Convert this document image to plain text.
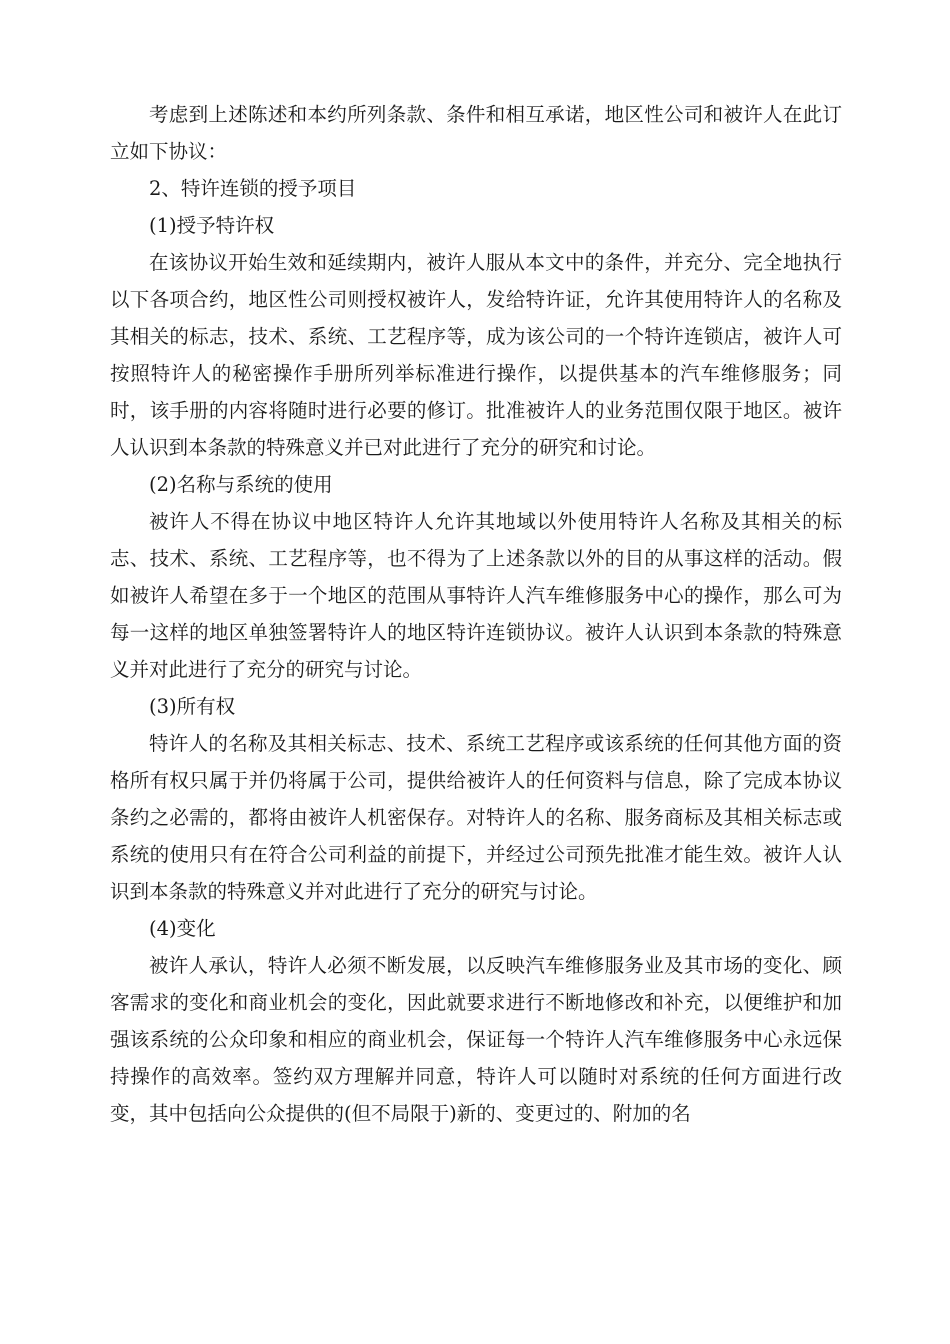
考虑到上述陈述和本约所列条款、条件和相互承诺，地区性公司和被许人在此订立如下协议：

2、特许连锁的授予项目

(1)授予特许权

在该协议开始生效和延续期内，被许人服从本文中的条件，并充分、完全地执行以下各项合约，地区性公司则授权被许人，发给特许证，允许其使用特许人的名称及其相关的标志，技术、系统、工艺程序等，成为该公司的一个特许连锁店，被许人可按照特许人的秘密操作手册所列举标准进行操作，以提供基本的汽车维修服务；同时，该手册的内容将随时进行必要的修订。批准被许人的业务范围仅限于地区。被许人认识到本条款的特殊意义并已对此进行了充分的研究和讨论。

(2)名称与系统的使用

被许人不得在协议中地区特许人允许其地域以外使用特许人名称及其相关的标志、技术、系统、工艺程序等，也不得为了上述条款以外的目的从事这样的活动。假如被许人希望在多于一个地区的范围从事特许人汽车维修服务中心的操作，那么可为每一这样的地区单独签署特许人的地区特许连锁协议。被许人认识到本条款的特殊意义并对此进行了充分的研究与讨论。

(3)所有权

特许人的名称及其相关标志、技术、系统工艺程序或该系统的任何其他方面的资格所有权只属于并仍将属于公司，提供给被许人的任何资料与信息，除了完成本协议条约之必需的，都将由被许人机密保存。对特许人的名称、服务商标及其相关标志或系统的使用只有在符合公司利益的前提下，并经过公司预先批准才能生效。被许人认识到本条款的特殊意义并对此进行了充分的研究与讨论。

(4)变化

被许人承认，特许人必须不断发展，以反映汽车维修服务业及其市场的变化、顾客需求的变化和商业机会的变化，因此就要求进行不断地修改和补充，以便维护和加强该系统的公众印象和相应的商业机会，保证每一个特许人汽车维修服务中心永远保持操作的高效率。签约双方理解并同意，特许人可以随时对系统的任何方面进行改变，其中包括向公众提供的(但不局限于)新的、变更过的、附加的名
